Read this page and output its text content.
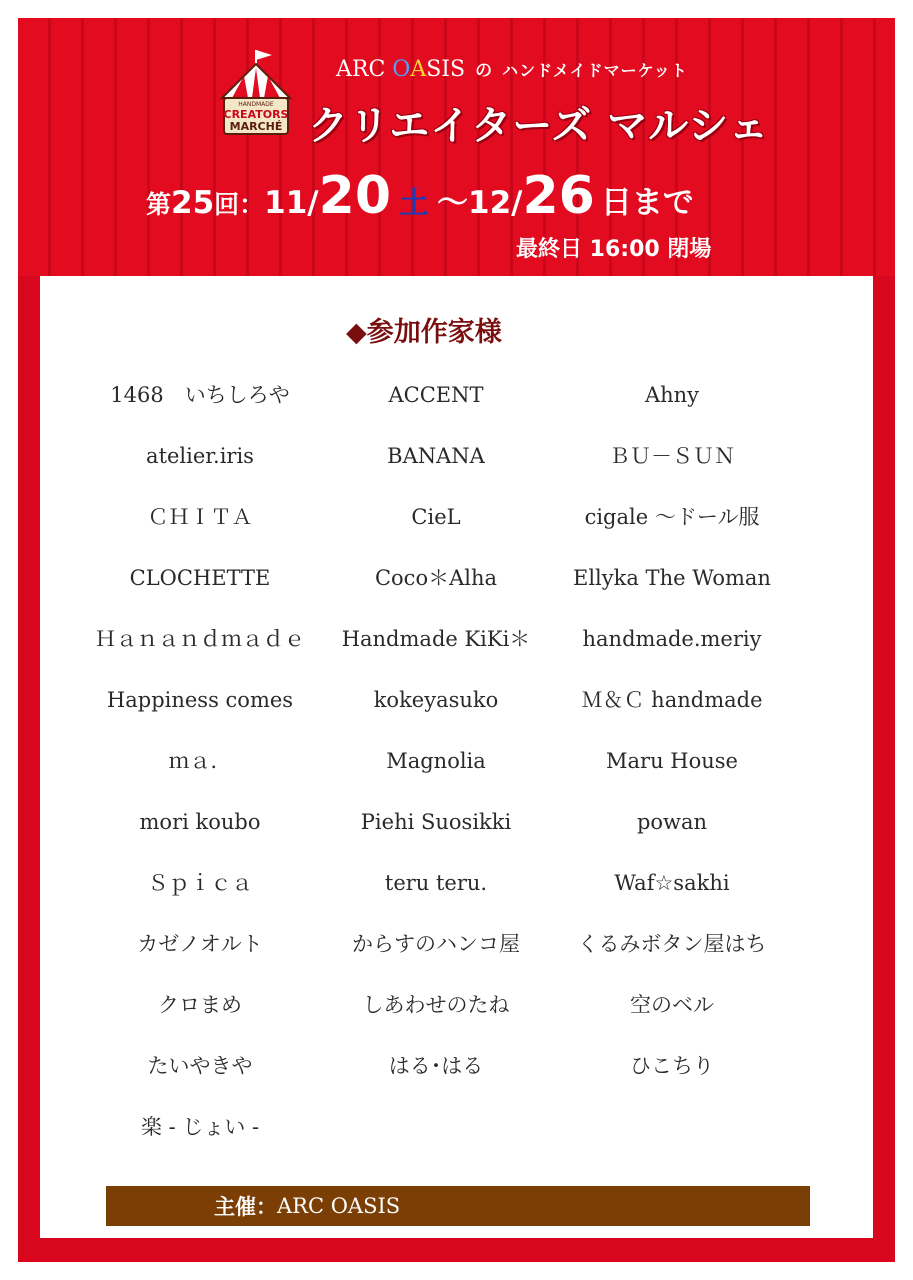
HANDMADE
CREATORS
MARCHÉ
ARC OASIS の ハンドメイドマーケット
クリエイターズ マルシェ
第 25 回： 11/ 20 土 ～ 12/ 26 日まで
最終日 16:00 閉場
◆参加作家様
1468　いちしろや	ACCENT	Ahny
atelier.iris	BANANA	ＢＵ－ＳＵＮ
ＣＨＩＴＡ	CieL	cigale ～ドール服
CLOCHETTE	Coco＊Alha	Ellyka The Woman
Ｈａｎａｎｄｍａｄｅ	Handmade KiKi＊	handmade.meriy
Happiness comes	kokeyasuko	Ｍ＆Ｃ handmade
ｍａ．	Magnolia	Maru House
mori koubo	Piehi Suosikki	powan
Ｓｐｉｃａ	teru teru.	Waf☆sakhi
カゼノオルト	からすのハンコ屋	くるみボタン屋はち
クロまめ	しあわせのたね	空のベル
たいやきや	はる･はる	ひこちり
楽 - じょい -
主催： ARC OASIS
